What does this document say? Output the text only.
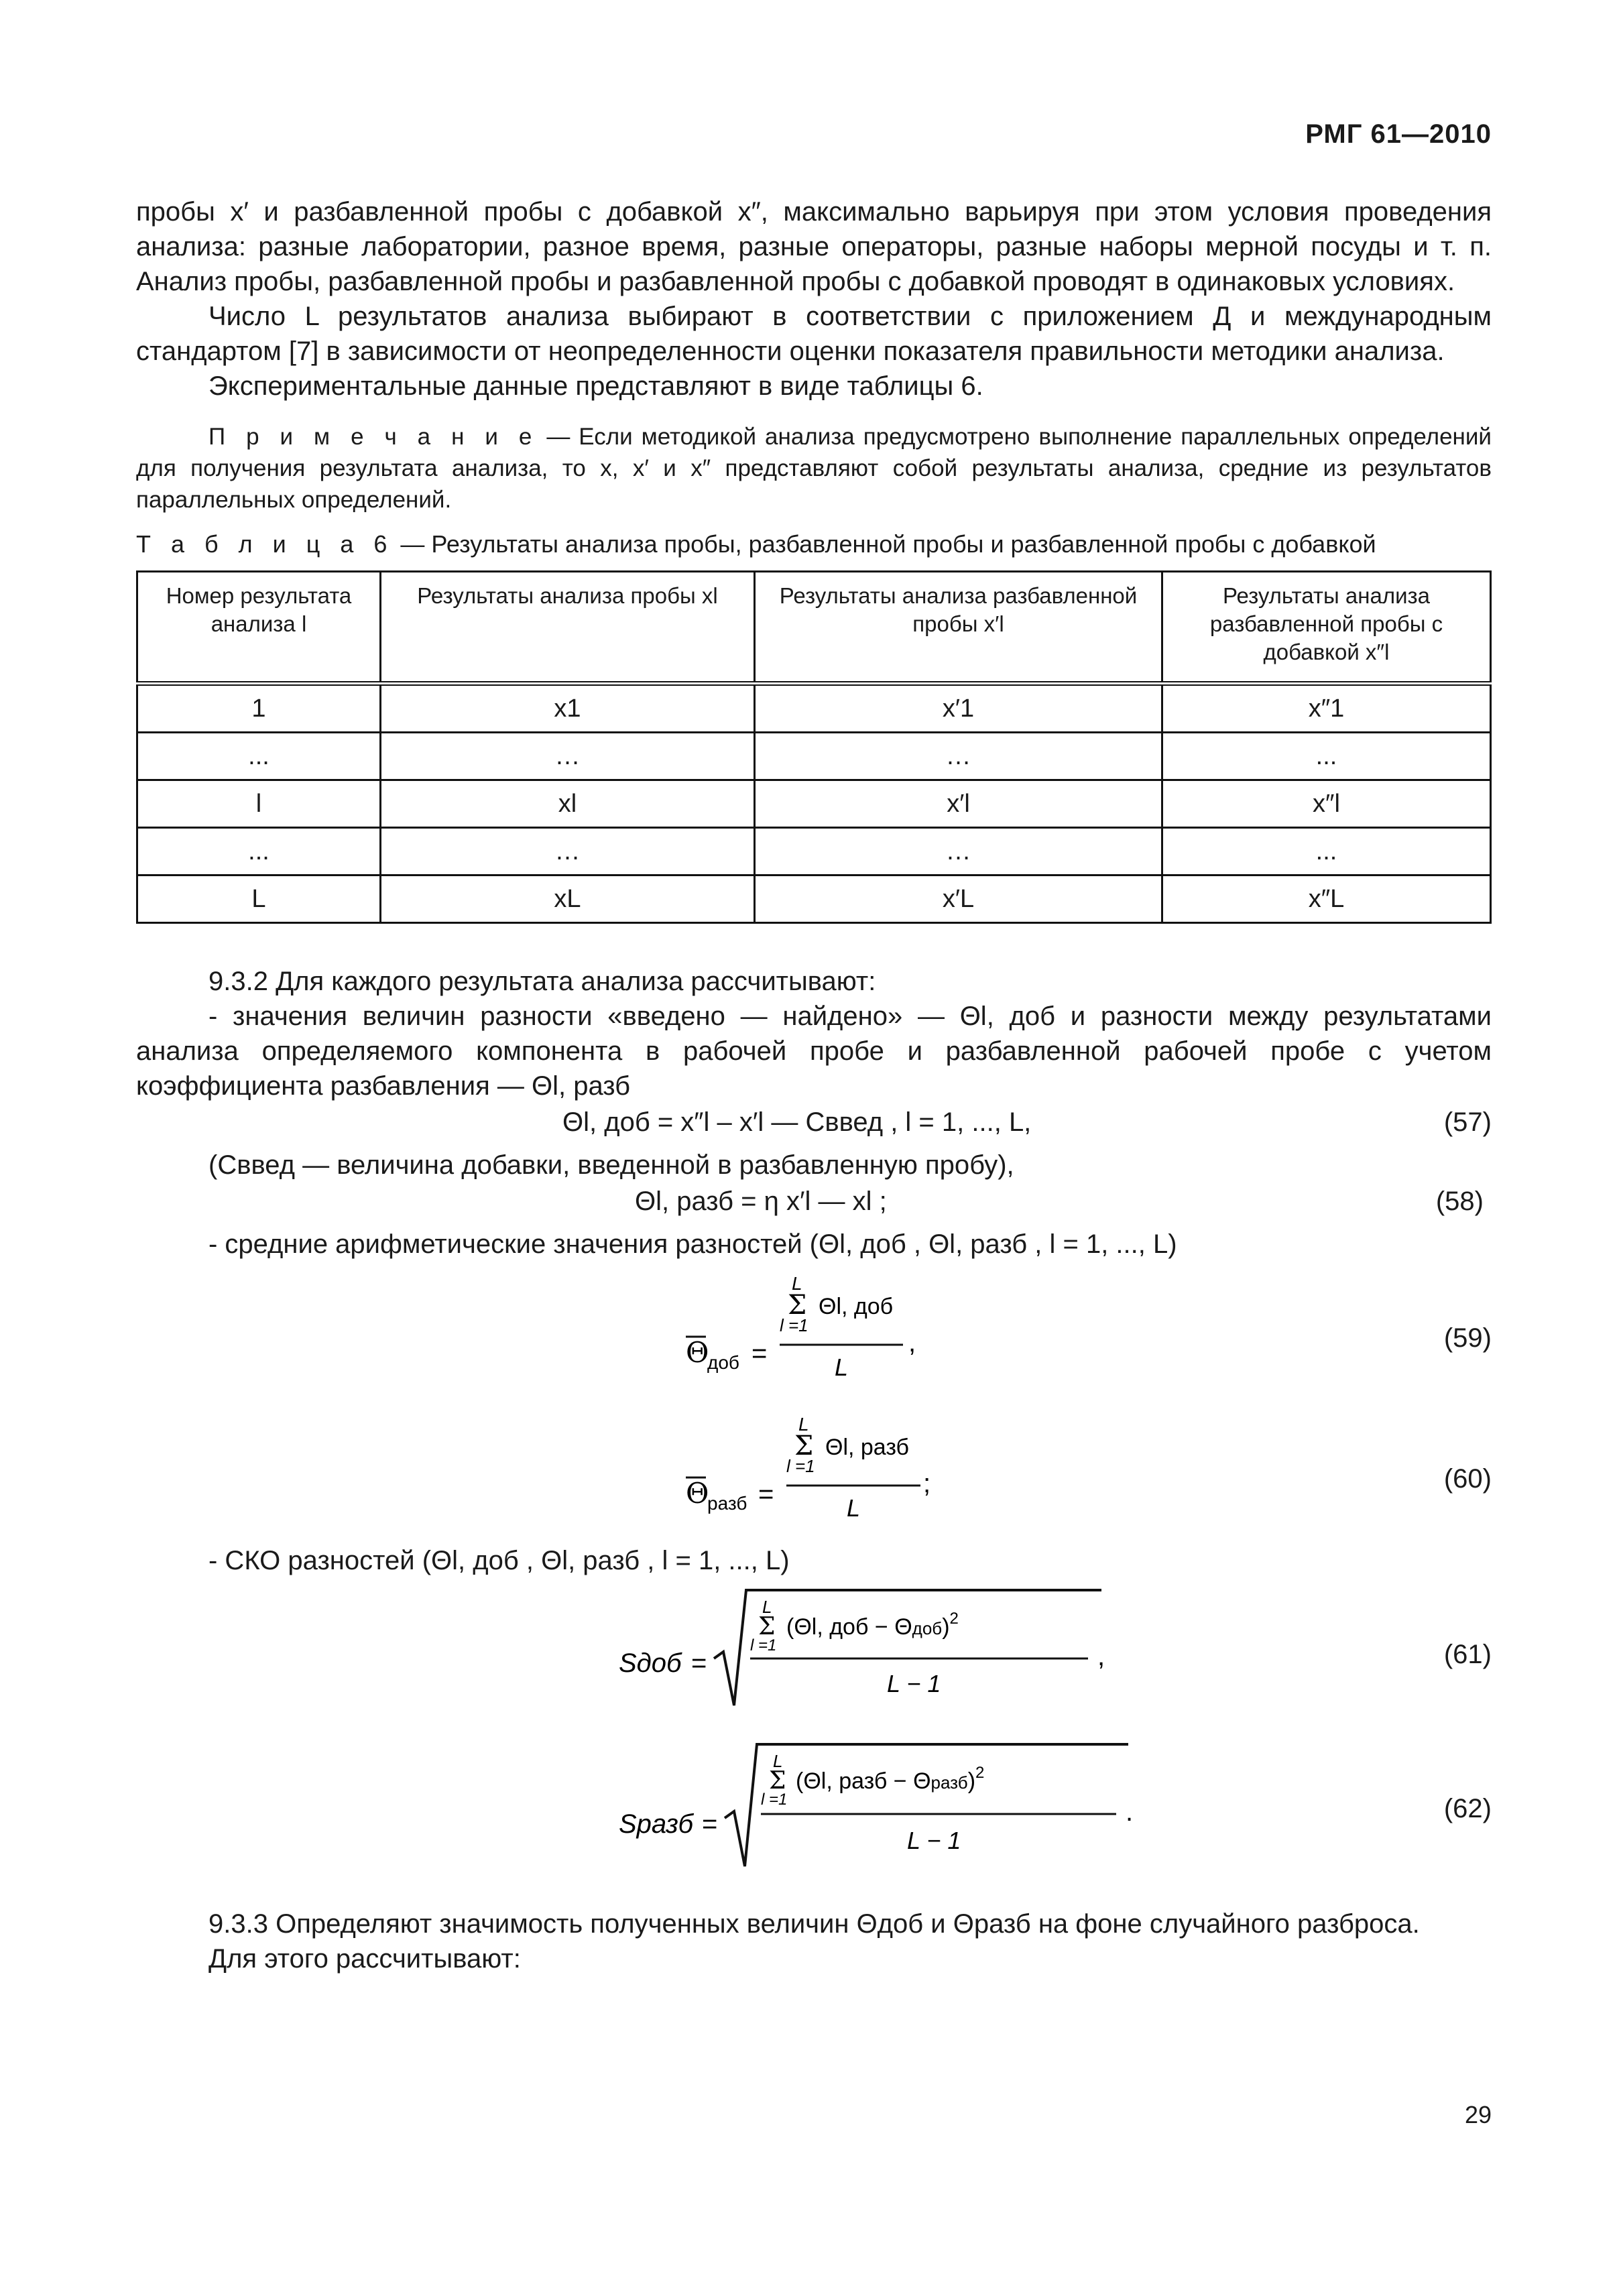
РМГ 61—2010

пробы x′ и разбавленной пробы с добавкой x″, максимально варьируя при этом условия проведения анализа: разные лаборатории, разное время, разные операторы, разные наборы мерной посуды и т. п. Анализ пробы, разбавленной пробы и разбавленной пробы с добавкой проводят в одинаковых условиях.

Число L результатов анализа выбирают в соответствии с приложением Д и международным стандартом [7] в зависимости от неопределенности оценки показателя правильности методики анализа.

Экспериментальные данные представляют в виде таблицы 6.

П р и м е ч а н и е — Если методикой анализа предусмотрено выполнение параллельных определений для получения результата анализа, то x, x′ и x″ представляют собой результаты анализа, средние из результатов параллельных определений.
Т а б л и ц а 6 — Результаты анализа пробы, разбавленной пробы и разбавленной пробы с добавкой
Номер результата анализа l	Результаты анализа пробы xl	Результаты анализа разбавленной пробы x′l	Результаты анализа разбавленной пробы с добавкой x″l
1	x1	x′1	x″1
...	…	…	...
l	xl	x′l	x″l
...	…	…	...
L	xL	x′L	x″L

9.3.2 Для каждого результата анализа рассчитывают:

- значения величин разности «введено — найдено» — Θl, доб и разности между результатами анализа определяемого компонента в рабочей пробе и разбавленной рабочей пробе с учетом коэффициента разбавления — Θl, разб

Θl, доб = x″l – x′l — Cввед , l = 1, ..., L,	(57)

(Cввед — величина добавки, введенной в разбавленную пробу),

Θl, разб = η x′l — xl ;	(58)

- средние арифметические значения разностей (Θl, доб , Θl, разб , l = 1, ..., L)

Θ
доб =
L
Σ
l =1
Θl, доб
L
,	(59)
Θ
разб =
L
Σ
l =1
Θl, разб
L
;	(60)

- СКО разностей (Θl, доб , Θl, разб , l = 1, ..., L)

Sдоб =
L
Σ
l =1
(Θl, доб − Θдоб)$^2$
L − 1
,	(61)
Sразб =
L
Σ
l =1
(Θl, разб − Θразб)$^2$
L − 1
.	(62)

9.3.3 Определяют значимость полученных величин Θдоб и Θразб на фоне случайного разброса.

Для этого рассчитывают:

29
